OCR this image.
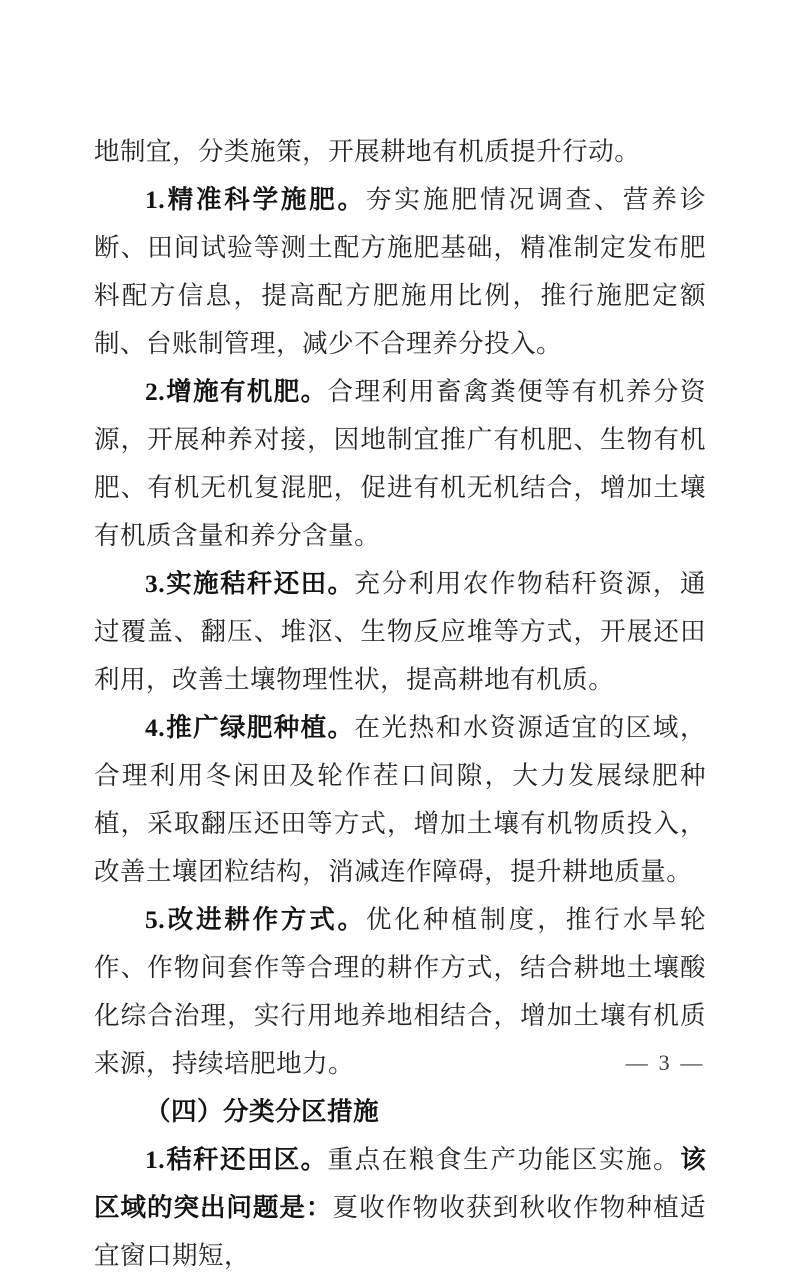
地制宜，分类施策，开展耕地有机质提升行动。

1.精准科学施肥。夯实施肥情况调查、营养诊断、田间试验等测土配方施肥基础，精准制定发布肥料配方信息，提高配方肥施用比例，推行施肥定额制、台账制管理，减少不合理养分投入。

2.增施有机肥。合理利用畜禽粪便等有机养分资源，开展种养对接，因地制宜推广有机肥、生物有机肥、有机无机复混肥，促进有机无机结合，增加土壤有机质含量和养分含量。

3.实施秸秆还田。充分利用农作物秸秆资源，通过覆盖、翻压、堆沤、生物反应堆等方式，开展还田利用，改善土壤物理性状，提高耕地有机质。

4.推广绿肥种植。在光热和水资源适宜的区域，合理利用冬闲田及轮作茬口间隙，大力发展绿肥种植，采取翻压还田等方式，增加土壤有机物质投入，改善土壤团粒结构，消减连作障碍，提升耕地质量。

5.改进耕作方式。优化种植制度，推行水旱轮作、作物间套作等合理的耕作方式，结合耕地土壤酸化综合治理，实行用地养地相结合，增加土壤有机质来源，持续培肥地力。

（四）分类分区措施

1.秸秆还田区。重点在粮食生产功能区实施。该区域的突出问题是：夏收作物收获到秋收作物种植适宜窗口期短，

— 3 —
